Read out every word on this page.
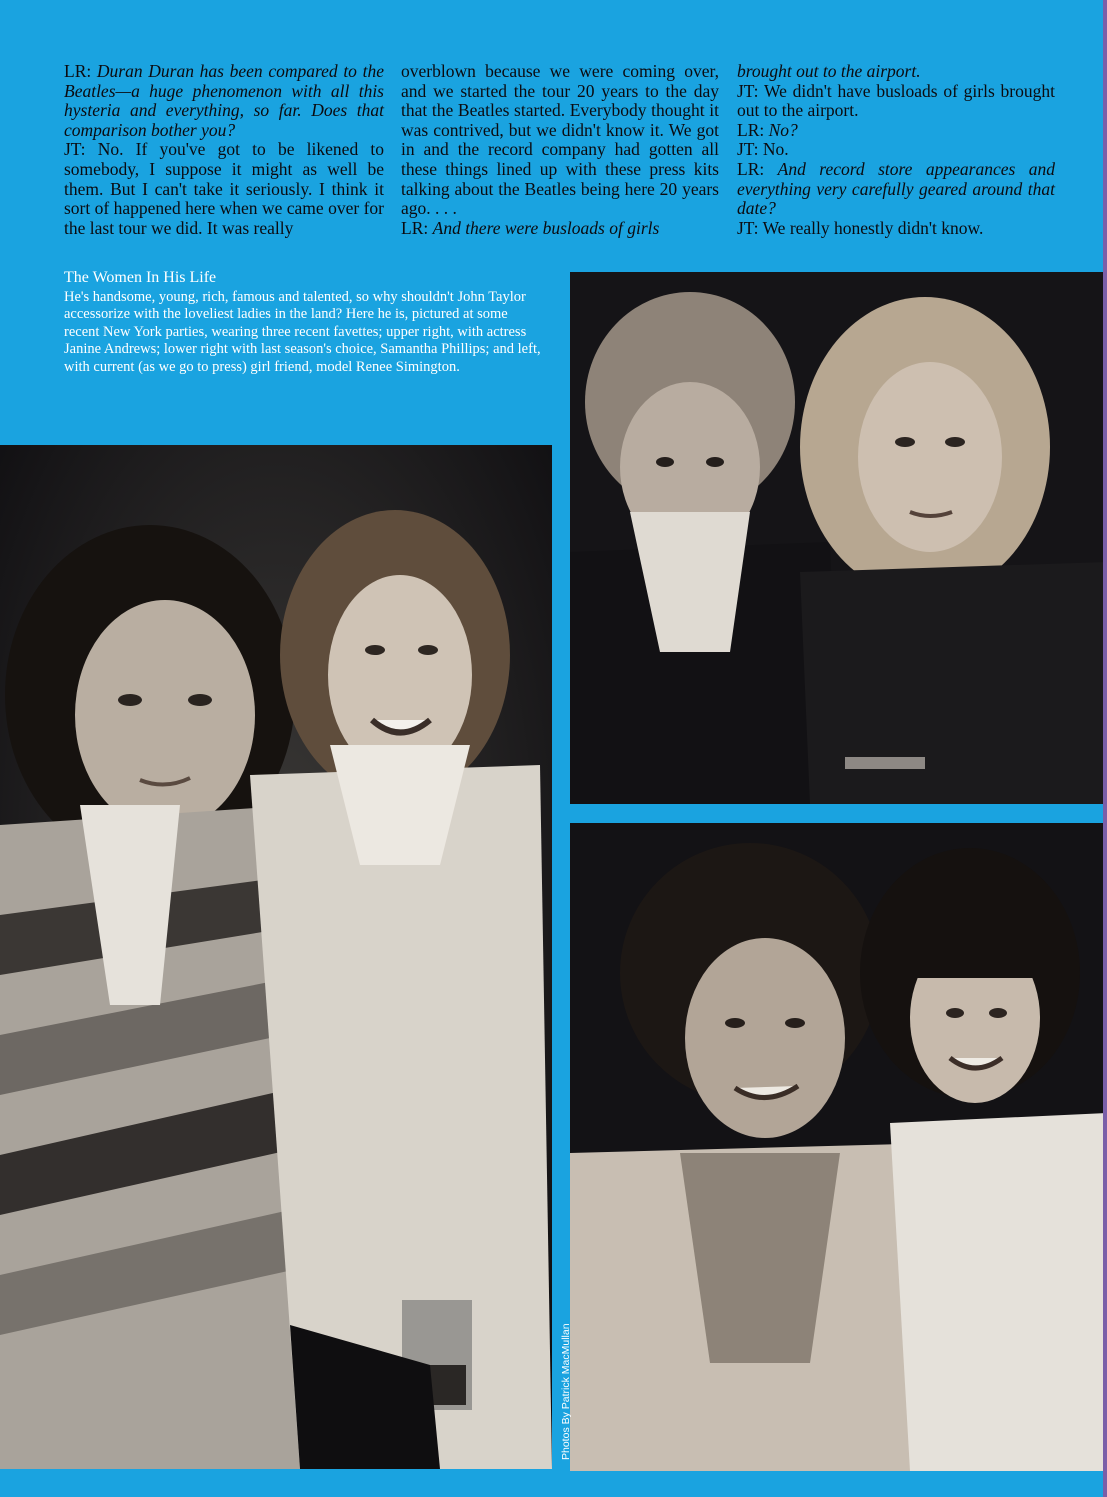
LR: Duran Duran has been compared to the Beatles—a huge phenomenon with all this hysteria and everything, so far. Does that comparison bother you?

JT: No. If you've got to be likened to somebody, I suppose it might as well be them. But I can't take it seriously. I think it sort of happened here when we came over for the last tour we did. It was really

overblown because we were coming over, and we started the tour 20 years to the day that the Beatles started. Everybody thought it was contrived, but we didn't know it. We got in and the record company had gotten all these things lined up with these press kits talking about the Beatles being here 20 years ago. . . .

LR: And there were busloads of girls

brought out to the airport.

JT: We didn't have busloads of girls brought out to the airport.

LR: No?

JT: No.

LR: And record store appearances and everything very carefully geared around that date?

JT: We really honestly didn't know.

The Women In His Life
He's handsome, young, rich, famous and talented, so why shouldn't John Taylor accessorize with the loveliest ladies in the land? Here he is, pictured at some recent New York parties, wearing three recent favettes; upper right, with actress Janine Andrews; lower right with last season's choice, Samantha Phillips; and left, with current (as we go to press) girl friend, model Renee Simington.
Photos By Patrick MacMullan
